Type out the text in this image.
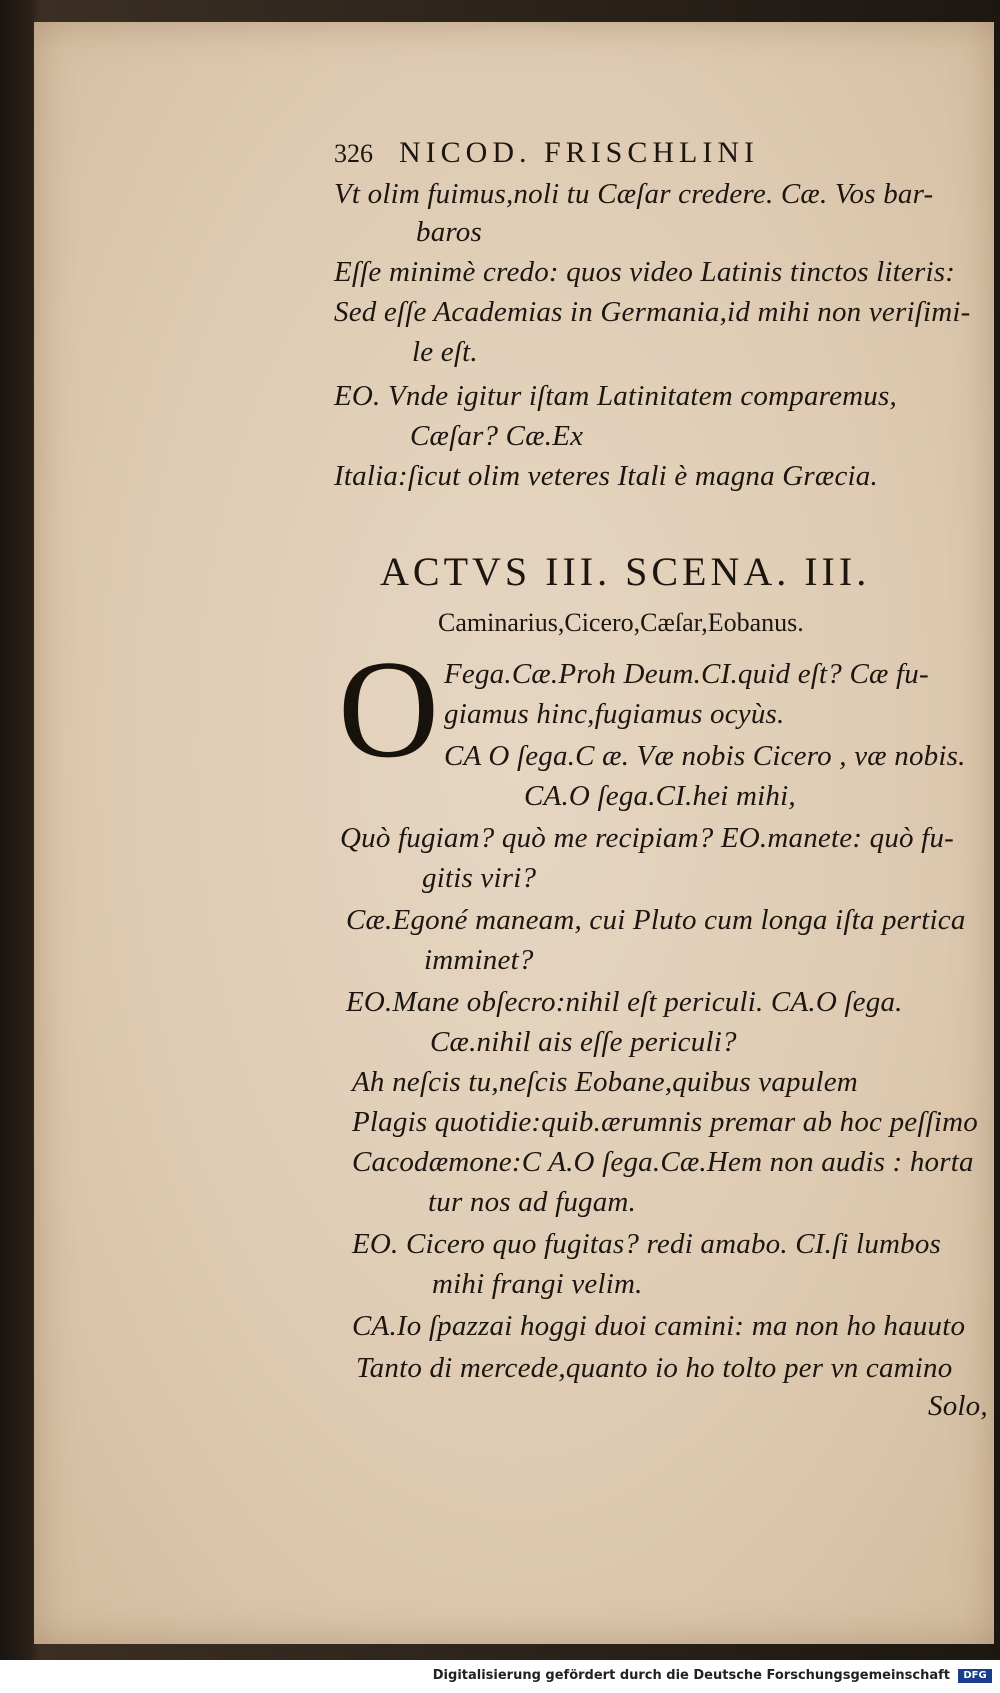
326 NICOD. FRISCHLINI
Vt olim fuimus,noli tu Cæſar credere. Cæ. Vos bar-
baros
Eſſe minimè credo: quos video Latinis tinctos literis:
Sed eſſe Academias in Germania,id mihi non veriſimi-
le eſt.
EO. Vnde igitur iſtam Latinitatem comparemus,
Cæſar? Cæ.Ex
Italia:ſicut olim veteres Itali è magna Græcia.
ACTVS III. SCENA. III.
Caminarius,Cicero,Cæſar,Eobanus.
O Fega.Cæ.Proh Deum.CI.quid eſt? Cæ fu-
giamus hinc,fugiamus ocyùs.
CA O ſega.C æ. Væ nobis Cicero , væ nobis.
CA.O ſega.CI.hei mihi,
Quò fugiam? quò me recipiam? EO.manete: quò fu-
gitis viri?
Cæ.Egoné maneam, cui Pluto cum longa iſta pertica
imminet?
EO.Mane obſecro:nihil eſt periculi. CA.O ſega.
Cæ.nihil ais eſſe periculi?
Ah neſcis tu,neſcis Eobane,quibus vapulem
Plagis quotidie:quib.ærumnis premar ab hoc peſſimo
Cacodæmone:C A.O ſega.Cæ.Hem non audis : horta
tur nos ad fugam.
EO. Cicero quo fugitas? redi amabo. CI.ſi lumbos
mihi frangi velim.
CA.Io ſpazzai hoggi duoi camini: ma non ho hauuto
Tanto di mercede,quanto io ho tolto per vn camino
Solo,
Digitalisierung gefördert durch die Deutsche Forschungsgemeinschaft	DFG
